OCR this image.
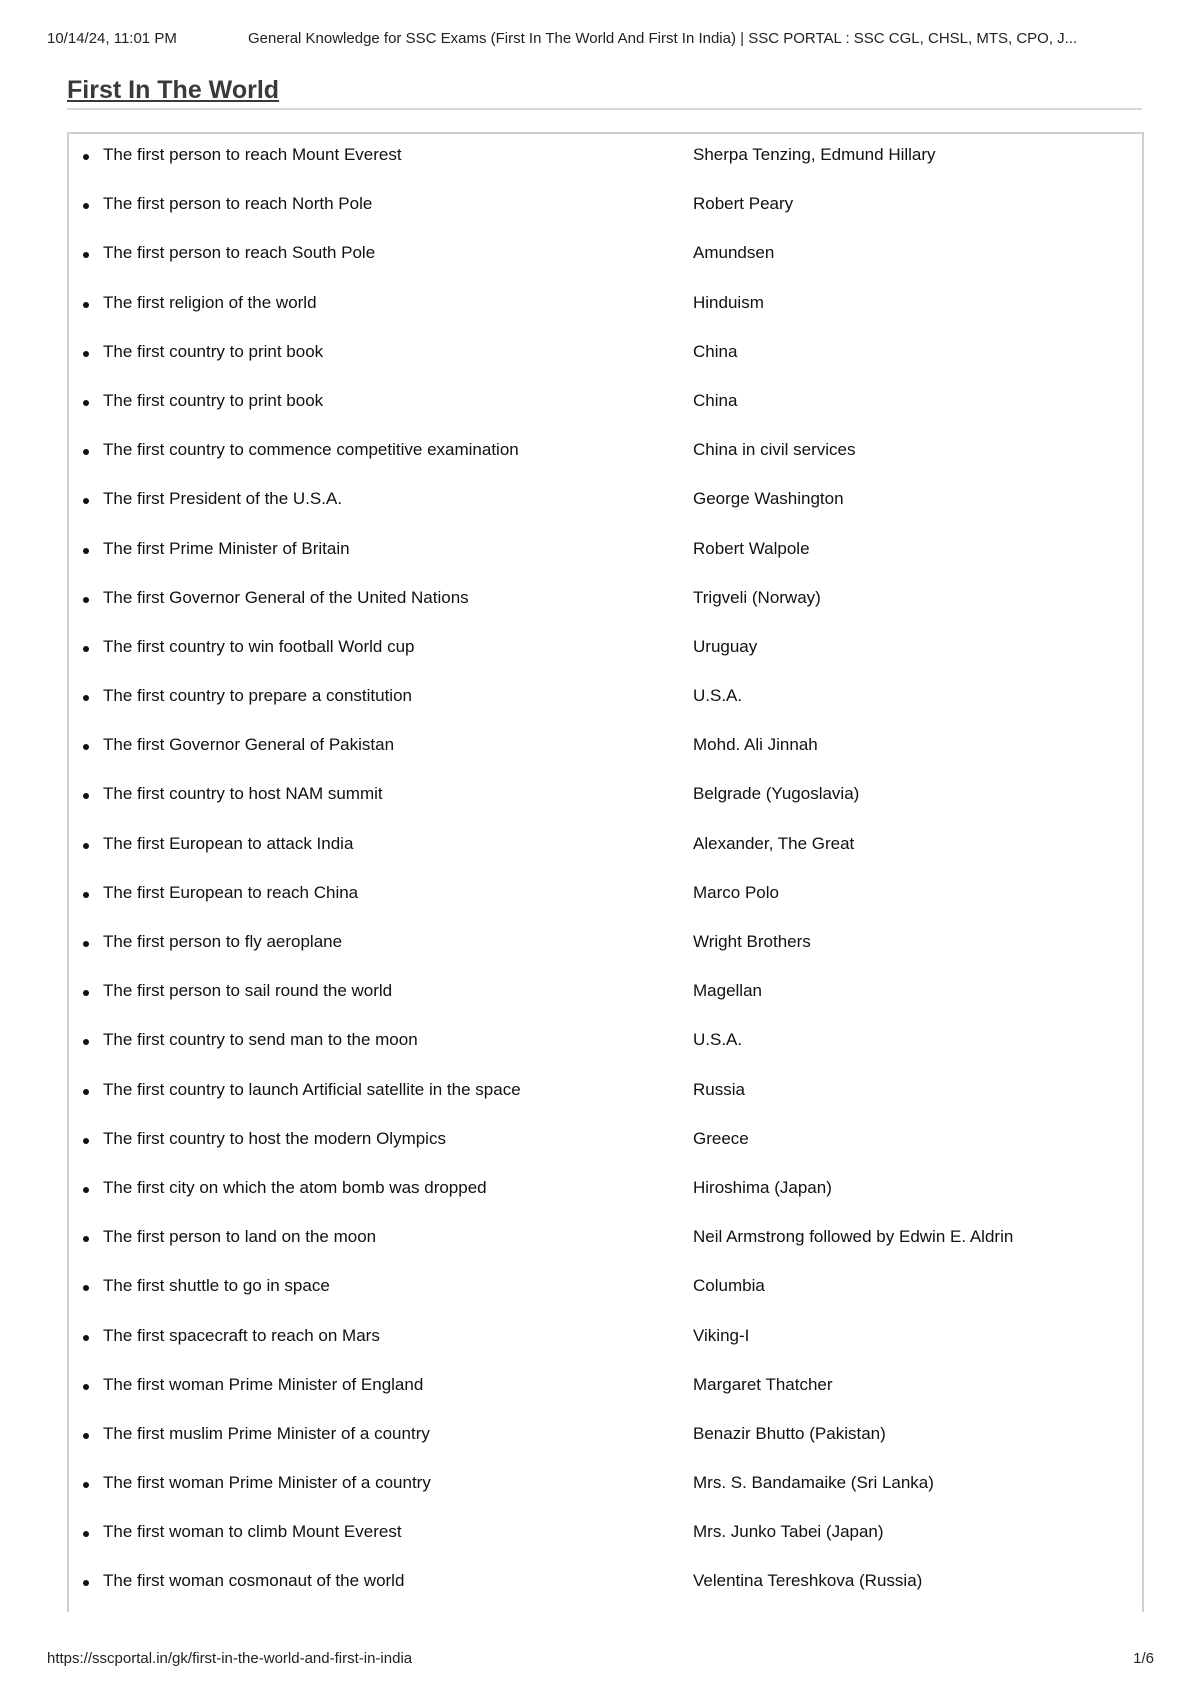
10/14/24, 11:01 PM	General Knowledge for SSC Exams (First In The World And First In India) | SSC PORTAL : SSC CGL, CHSL, MTS, CPO, J...
First In The World
The first person to reach Mount Everest	Sherpa Tenzing, Edmund Hillary
The first person to reach North Pole	Robert Peary
The first person to reach South Pole	Amundsen
The first religion of the world	Hinduism
The first country to print book	China
The first country to print book	China
The first country to commence competitive examination	China in civil services
The first President of the U.S.A.	George Washington
The first Prime Minister of Britain	Robert Walpole
The first Governor General of the United Nations	Trigveli (Norway)
The first country to win football World cup	Uruguay
The first country to prepare a constitution	U.S.A.
The first Governor General of Pakistan	Mohd. Ali Jinnah
The first country to host NAM summit	Belgrade (Yugoslavia)
The first European to attack India	Alexander, The Great
The first European to reach China	Marco Polo
The first person to fly aeroplane	Wright Brothers
The first person to sail round the world	Magellan
The first country to send man to the moon	U.S.A.
The first country to launch Artificial satellite in the space	Russia
The first country to host the modern Olympics	Greece
The first city on which the atom bomb was dropped	Hiroshima (Japan)
The first person to land on the moon	Neil Armstrong followed by Edwin E. Aldrin
The first shuttle to go in space	Columbia
The first spacecraft to reach on Mars	Viking-I
The first woman Prime Minister of England	Margaret Thatcher
The first muslim Prime Minister of a country	Benazir Bhutto (Pakistan)
The first woman Prime Minister of a country	Mrs. S. Bandamaike (Sri Lanka)
The first woman to climb Mount Everest	Mrs. Junko Tabei (Japan)
The first woman cosmonaut of the world	Velentina Tereshkova (Russia)
https://sscportal.in/gk/first-in-the-world-and-first-in-india	1/6
